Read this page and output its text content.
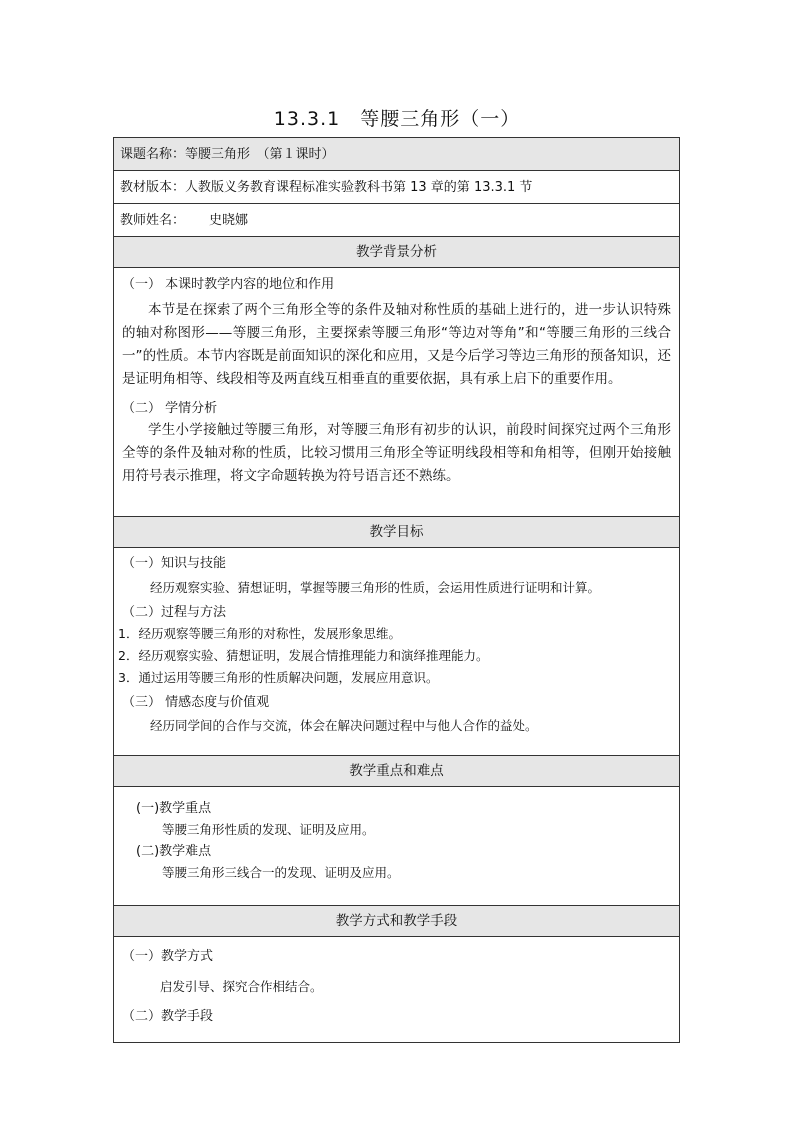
13.3.1　等腰三角形（一）
课题名称：等腰三角形　（第１课时）
教材版本：人教版义务教育课程标准实验教科书第 13 章的第 13.3.1 节
教师姓名： 史晓娜
教学背景分析
（一） 本课时教学内容的地位和作用
本节是在探索了两个三角形全等的条件及轴对称性质的基础上进行的，进一步认识特殊的轴对称图形——等腰三角形，主要探索等腰三角形“等边对等角”和“等腰三角形的三线合一”的性质。本节内容既是前面知识的深化和应用，又是今后学习等边三角形的预备知识，还是证明角相等、线段相等及两直线互相垂直的重要依据，具有承上启下的重要作用。
（二） 学情分析
学生小学接触过等腰三角形，对等腰三角形有初步的认识，前段时间探究过两个三角形全等的条件及轴对称的性质，比较习惯用三角形全等证明线段相等和角相等，但刚开始接触用符号表示推理，将文字命题转换为符号语言还不熟练。
教学目标
（一）知识与技能
经历观察实验、猜想证明，掌握等腰三角形的性质，会运用性质进行证明和计算。
（二）过程与方法
1．经历观察等腰三角形的对称性，发展形象思维。
2．经历观察实验、猜想证明，发展合情推理能力和演绎推理能力。
3．通过运用等腰三角形的性质解决问题，发展应用意识。
（三） 情感态度与价值观
经历同学间的合作与交流，体会在解决问题过程中与他人合作的益处。
教学重点和难点
(一)教学重点
等腰三角形性质的发现、证明及应用。
(二)教学难点
等腰三角形三线合一的发现、证明及应用。
教学方式和教学手段
（一）教学方式
启发引导、探究合作相结合。
（二）教学手段
